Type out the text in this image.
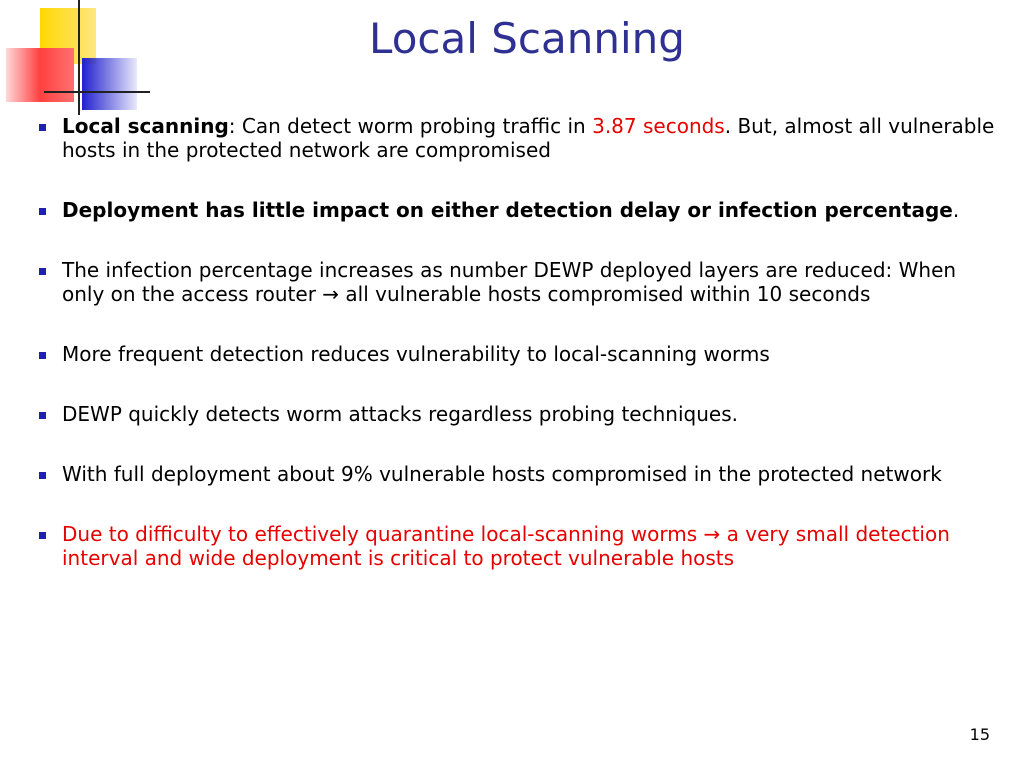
Local Scanning
Local scanning: Can detect worm probing traffic in 3.87 seconds. But, almost all vulnerable hosts in the protected network are compromised
Deployment has little impact on either detection delay or infection percentage.
The infection percentage increases as number DEWP deployed layers are reduced: When only on the access router → all vulnerable hosts compromised within 10 seconds
More frequent detection reduces vulnerability to local-scanning worms
DEWP quickly detects worm attacks regardless probing techniques.
With full deployment about 9% vulnerable hosts compromised in the protected network
Due to difficulty to effectively quarantine local-scanning worms → a very small detection interval and wide deployment is critical to protect vulnerable hosts
15
